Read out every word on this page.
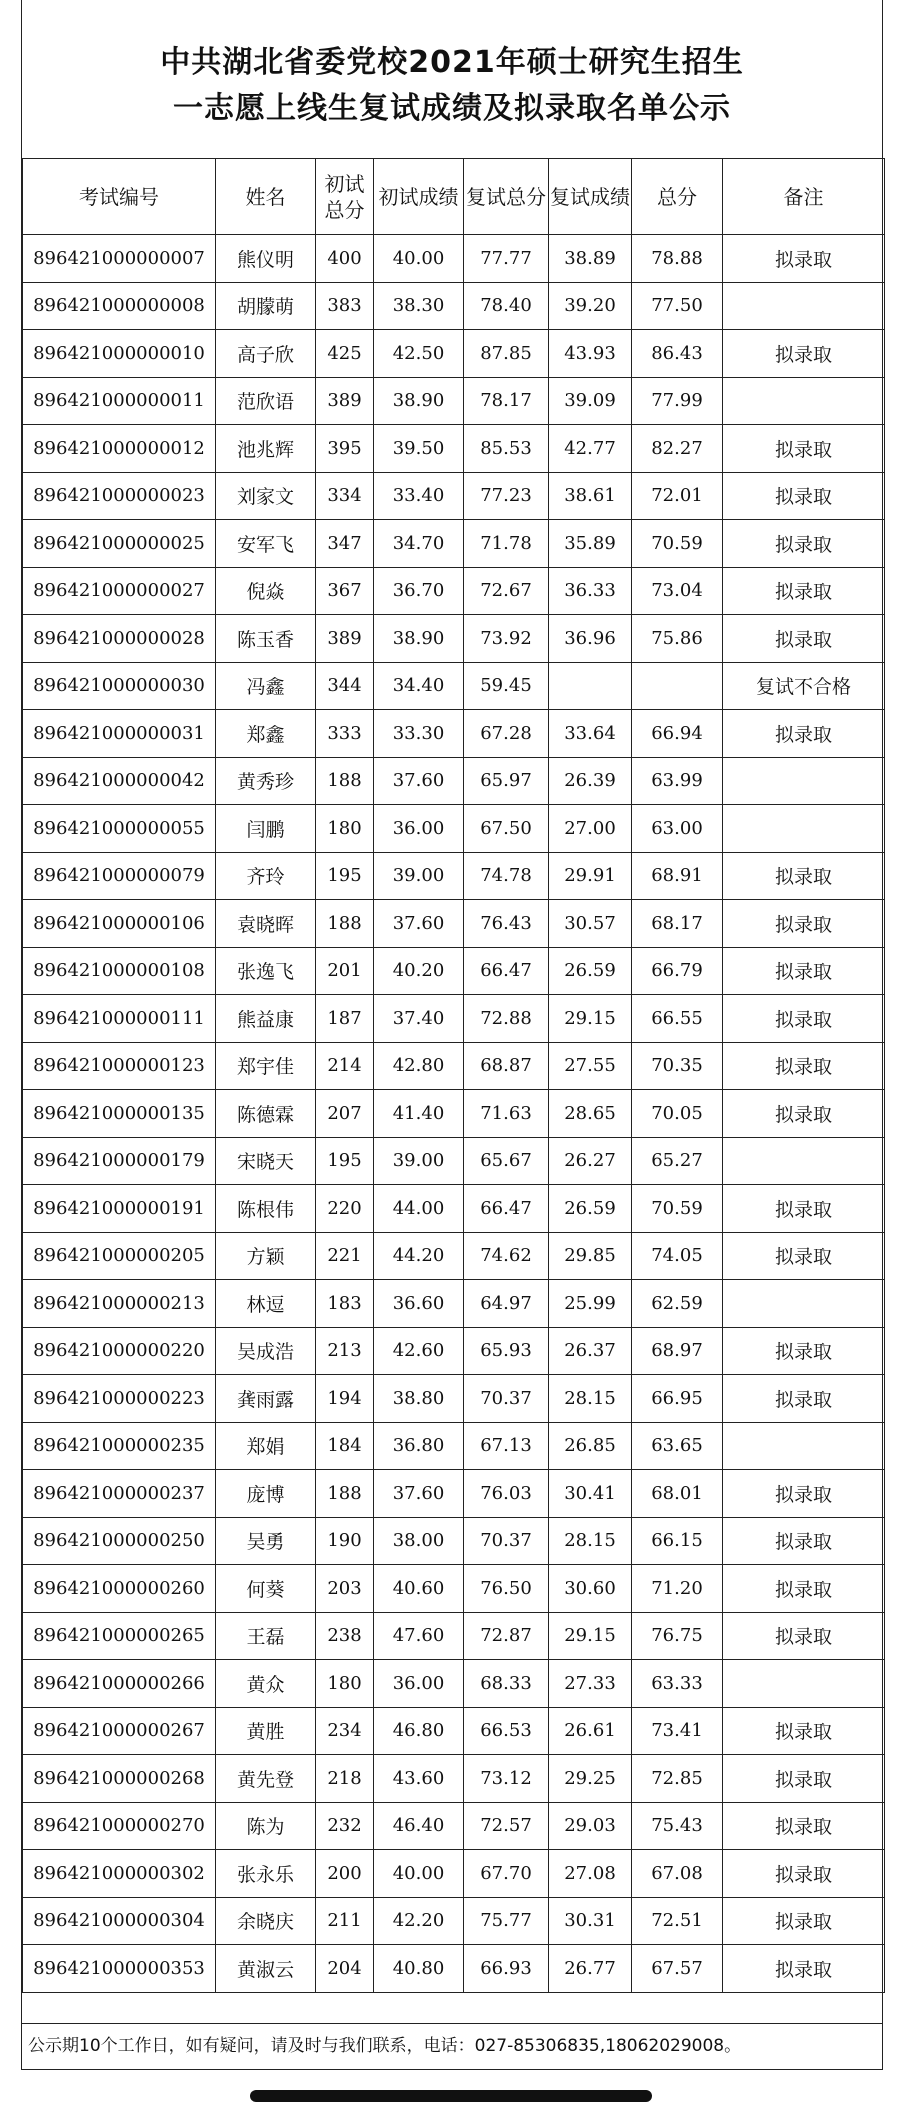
中共湖北省委党校2021年硕士研究生招生
一志愿上线生复试成绩及拟录取名单公示
考试编号	姓名	初试总分	初试成绩	复试总分	复试成绩	总分	备注
896421000000007	熊仪明	400	40.00	77.77	38.89	78.88	拟录取
896421000000008	胡朦萌	383	38.30	78.40	39.20	77.50	
896421000000010	高子欣	425	42.50	87.85	43.93	86.43	拟录取
896421000000011	范欣语	389	38.90	78.17	39.09	77.99	
896421000000012	池兆辉	395	39.50	85.53	42.77	82.27	拟录取
896421000000023	刘家文	334	33.40	77.23	38.61	72.01	拟录取
896421000000025	安军飞	347	34.70	71.78	35.89	70.59	拟录取
896421000000027	倪焱	367	36.70	72.67	36.33	73.04	拟录取
896421000000028	陈玉香	389	38.90	73.92	36.96	75.86	拟录取
896421000000030	冯鑫	344	34.40	59.45			复试不合格
896421000000031	郑鑫	333	33.30	67.28	33.64	66.94	拟录取
896421000000042	黄秀珍	188	37.60	65.97	26.39	63.99	
896421000000055	闫鹏	180	36.00	67.50	27.00	63.00	
896421000000079	齐玲	195	39.00	74.78	29.91	68.91	拟录取
896421000000106	袁晓晖	188	37.60	76.43	30.57	68.17	拟录取
896421000000108	张逸飞	201	40.20	66.47	26.59	66.79	拟录取
896421000000111	熊益康	187	37.40	72.88	29.15	66.55	拟录取
896421000000123	郑宇佳	214	42.80	68.87	27.55	70.35	拟录取
896421000000135	陈德霖	207	41.40	71.63	28.65	70.05	拟录取
896421000000179	宋晓天	195	39.00	65.67	26.27	65.27	
896421000000191	陈根伟	220	44.00	66.47	26.59	70.59	拟录取
896421000000205	方颖	221	44.20	74.62	29.85	74.05	拟录取
896421000000213	林逗	183	36.60	64.97	25.99	62.59	
896421000000220	吴成浩	213	42.60	65.93	26.37	68.97	拟录取
896421000000223	龚雨露	194	38.80	70.37	28.15	66.95	拟录取
896421000000235	郑娟	184	36.80	67.13	26.85	63.65	
896421000000237	庞博	188	37.60	76.03	30.41	68.01	拟录取
896421000000250	吴勇	190	38.00	70.37	28.15	66.15	拟录取
896421000000260	何葵	203	40.60	76.50	30.60	71.20	拟录取
896421000000265	王磊	238	47.60	72.87	29.15	76.75	拟录取
896421000000266	黄众	180	36.00	68.33	27.33	63.33	
896421000000267	黄胜	234	46.80	66.53	26.61	73.41	拟录取
896421000000268	黄先登	218	43.60	73.12	29.25	72.85	拟录取
896421000000270	陈为	232	46.40	72.57	29.03	75.43	拟录取
896421000000302	张永乐	200	40.00	67.70	27.08	67.08	拟录取
896421000000304	余晓庆	211	42.20	75.77	30.31	72.51	拟录取
896421000000353	黄淑云	204	40.80	66.93	26.77	67.57	拟录取
公示期10个工作日，如有疑问，请及时与我们联系，电话：027-85306835,18062029008。
